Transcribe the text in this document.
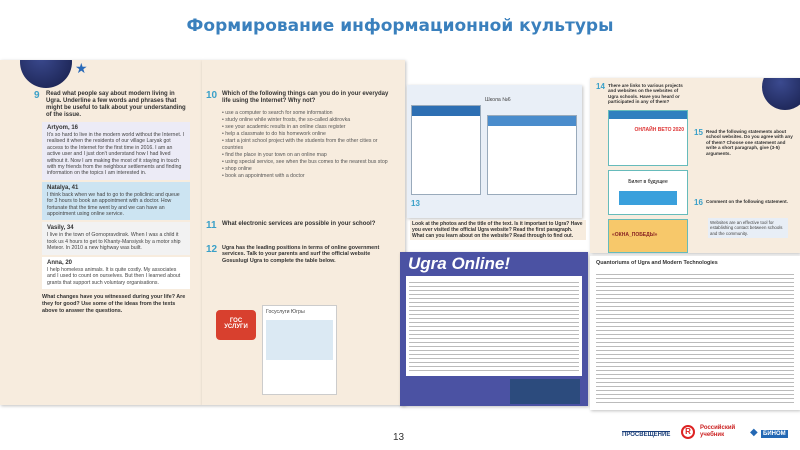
Формирование информационной культуры
★
9 Read what people say about modern living in Ugra. Underline a few words and phrases that might be useful to talk about your understanding of the issue.
Artyom, 16
It's so hard to live in the modern world without the Internet. I realised it when the residents of our village Laryak got access to the Internet for the first time in 2016. I am an active user and I just don't understand how I had lived without it. Now I am making the most of it staying in touch with my friends from the neighbour settlements and finding information on the topics I am interested in.
Natalya, 41
I think back when we had to go to the policlinic and queue for 3 hours to book an appointment with a doctor. How fortunate that the time went by and we can have an appointment using online service.
Vasily, 34
I live in the town of Gornopravdinsk. When I was a child it took us 4 hours to get to Khanty-Mansiysk by a motor ship Meteor. In 2010 a new highway was built.
Anna, 20
I help homeless animals. It is quite costly. My associates and I used to count on ourselves. But then I learned about grants that support such voluntary organisations.
What changes have you witnessed during your life? Are they for good? Use some of the ideas from the texts above to answer the questions.
10 Which of the following things can you do in your everyday life using the Internet? Why not?
• use a computer to search for some information
• study online while winter frosts, the so-called aktirovka
• see your academic results in an online class register
• help a classmate to do his homework online
• start a joint school project with the students from the other cities or countries
• find the place in your town on an online map
• using special service, see when the bus comes to the nearest bus stop
• shop online
• book an appointment with a doctor
11 What electronic services are possible in your school?
12 Ugra has the leading positions in terms of online government services. Talk to your parents and surf the official website Gosuslugi Ugra to complete the table below.
ГОС
УСЛУГИ
Госуслуги Югры
Школа №6
13
Look at the photos and the title of the text. Is it important to Ugra? Have you ever visited the official Ugra website? Read the first paragraph. What can you learn about on the website? Read through to find out.
Ugra Online!
14 There are links to various projects and websites on the websites of Ugra schools. Have you heard or participated in any of them?
ОНЛАЙН ВЕТО 2020
Билет в будущее
«ОКНА_ПОБЕДЫ»
15 Read the following statements about school websites. Do you agree with any of them? Choose one statement and write a short paragraph, give (3-5) arguments.
16 Comment on the following statement.
Websites are an effective tool for establishing contact between schools and the community.
Quantoriums of Ugra and Modern Technologies
13	ПРОСВЕЩЕНИЕ	R	Российский учебник	◆ БИНОМ
